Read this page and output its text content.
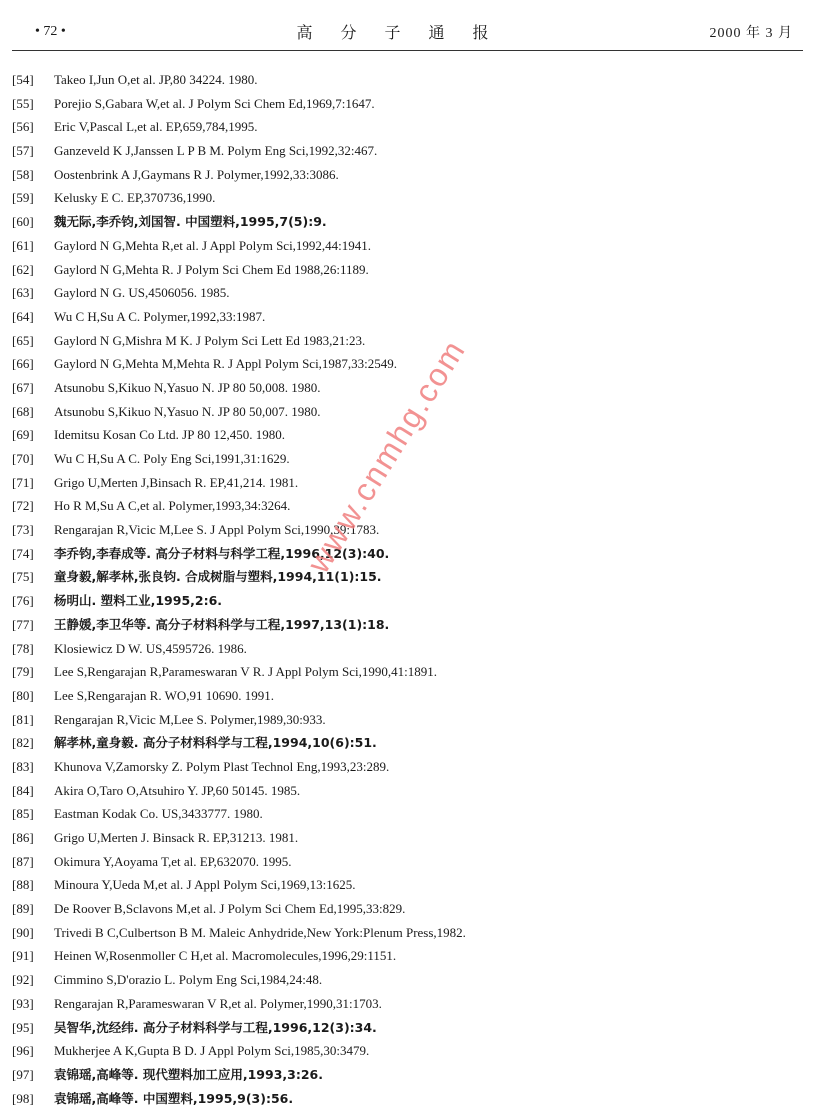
• 72 •	高分子通报	2000 年 3 月
[54] Takeo I,Jun O,et al. JP,80 34224. 1980.
[55] Porejio S,Gabara W,et al. J Polym Sci Chem Ed,1969,7:1647.
[56] Eric V,Pascal L,et al. EP,659,784,1995.
[57] Ganzeveld K J,Janssen L P B M. Polym Eng Sci,1992,32:467.
[58] Oostenbrink A J,Gaymans R J. Polymer,1992,33:3086.
[59] Kelusky E C. EP,370736,1990.
[60] 魏无际,李乔钧,刘国智. 中国塑料,1995,7(5):9.
[61] Gaylord N G,Mehta R,et al. J Appl Polym Sci,1992,44:1941.
[62] Gaylord N G,Mehta R. J Polym Sci Chem Ed 1988,26:1189.
[63] Gaylord N G. US,4506056. 1985.
[64] Wu C H,Su A C. Polymer,1992,33:1987.
[65] Gaylord N G,Mishra M K. J Polym Sci Lett Ed 1983,21:23.
[66] Gaylord N G,Mehta M,Mehta R. J Appl Polym Sci,1987,33:2549.
[67] Atsunobu S,Kikuo N,Yasuo N. JP 80 50,008. 1980.
[68] Atsunobu S,Kikuo N,Yasuo N. JP 80 50,007. 1980.
[69] Idemitsu Kosan Co Ltd. JP 80 12,450. 1980.
[70] Wu C H,Su A C. Poly Eng Sci,1991,31:1629.
[71] Grigo U,Merten J,Binsach R. EP,41,214. 1981.
[72] Ho R M,Su A C,et al. Polymer,1993,34:3264.
[73] Rengarajan R,Vicic M,Lee S. J Appl Polym Sci,1990,39:1783.
[74] 李乔钧,李春成等. 高分子材料与科学工程,1996,12(3):40.
[75] 童身毅,解孝林,张良钧. 合成树脂与塑料,1994,11(1):15.
[76] 杨明山. 塑料工业,1995,2:6.
[77] 王静媛,李卫华等. 高分子材料科学与工程,1997,13(1):18.
[78] Klosiewicz D W. US,4595726. 1986.
[79] Lee S,Rengarajan R,Parameswaran V R. J Appl Polym Sci,1990,41:1891.
[80] Lee S,Rengarajan R. WO,91 10690. 1991.
[81] Rengarajan R,Vicic M,Lee S. Polymer,1989,30:933.
[82] 解孝林,童身毅. 高分子材料科学与工程,1994,10(6):51.
[83] Khunova V,Zamorsky Z. Polym Plast Technol Eng,1993,23:289.
[84] Akira O,Taro O,Atsuhiro Y. JP,60 50145. 1985.
[85] Eastman Kodak Co. US,3433777. 1980.
[86] Grigo U,Merten J. Binsack R. EP,31213. 1981.
[87] Okimura Y,Aoyama T,et al. EP,632070. 1995.
[88] Minoura Y,Ueda M,et al. J Appl Polym Sci,1969,13:1625.
[89] De Roover B,Sclavons M,et al. J Polym Sci Chem Ed,1995,33:829.
[90] Trivedi B C,Culbertson B M. Maleic Anhydride,New York:Plenum Press,1982.
[91] Heinen W,Rosenmoller C H,et al. Macromolecules,1996,29:1151.
[92] Cimmino S,D'orazio L. Polym Eng Sci,1984,24:48.
[93] Rengarajan R,Parameswaran V R,et al. Polymer,1990,31:1703.
[95] 吴智华,沈经纬. 高分子材料科学与工程,1996,12(3):34.
[96] Mukherjee A K,Gupta B D. J Appl Polym Sci,1985,30:3479.
[97] 袁锦瑶,高峰等. 现代塑料加工应用,1993,3:26.
[98] 袁锦瑶,高峰等. 中国塑料,1995,9(3):56.
www.cnmhg.com
